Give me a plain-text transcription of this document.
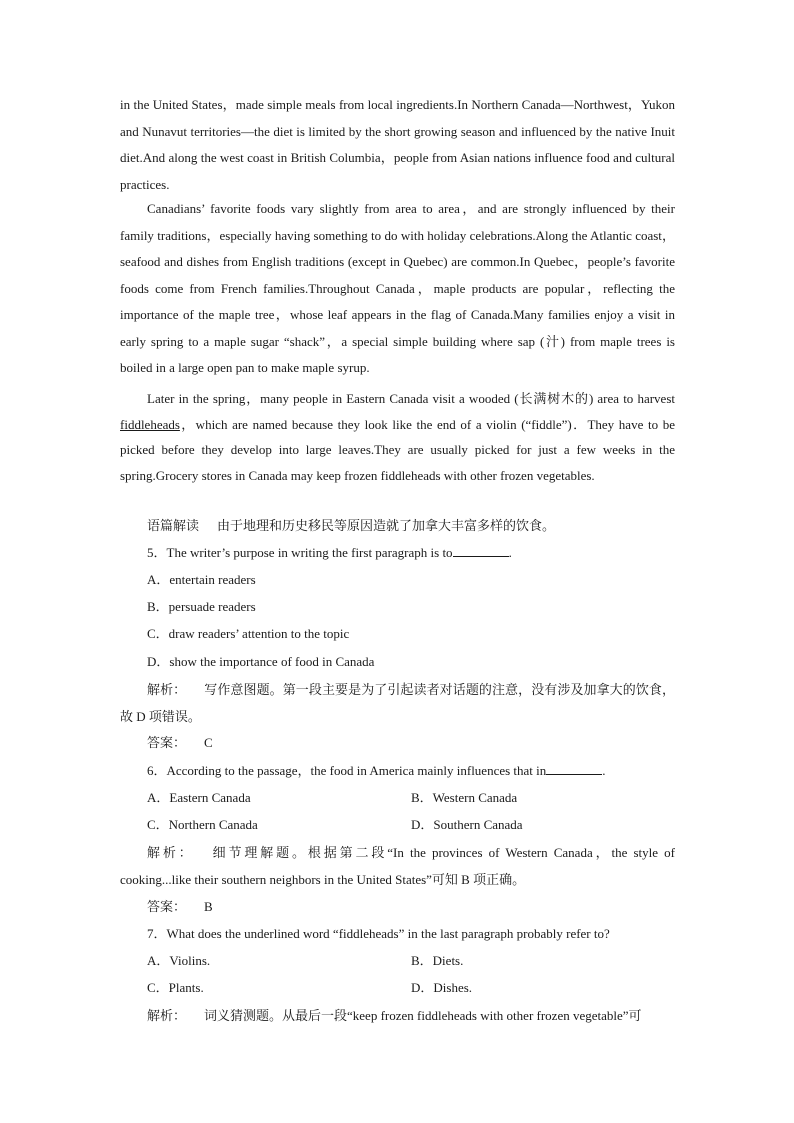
in the United States，made simple meals from local ingredients.In Northern Canada—Northwest，Yukon and Nunavut territories—the diet is limited by the short growing season and influenced by the native Inuit diet.And along the west coast in British Columbia，people from Asian nations influence food and cultural practices.

Canadians’ favorite foods vary slightly from area to area，and are strongly influenced by their family traditions，especially having something to do with holiday celebrations.Along the Atlantic coast，seafood and dishes from English traditions (except in Quebec) are common.In Quebec，people’s favorite foods come from French families.Throughout Canada，maple products are popular，reflecting the importance of the maple tree，whose leaf appears in the flag of Canada.Many families enjoy a visit in early spring to a maple sugar “shack”，a special simple building where sap (汁) from maple trees is boiled in a large open pan to make maple syrup.

Later in the spring，many people in Eastern Canada visit a wooded (长满树木的) area to harvest fiddleheads，which are named because they look like the end of a violin (“fiddle”)．They have to be picked before they develop into large leaves.They are usually picked for just a few weeks in the spring.Grocery stores in Canada may keep frozen fiddleheads with other frozen vegetables.

语篇解读 由于地理和历史移民等原因造就了加拿大丰富多样的饮食。

5．The writer’s purpose in writing the first paragraph is to	.

A．entertain readers

B．persuade readers

C．draw readers’ attention to the topic

D．show the importance of food in Canada

解析： 写作意图题。第一段主要是为了引起读者对话题的注意，没有涉及加拿大的饮食，故 D 项错误。

答案： C

6．According to the passage，the food in America mainly influences that in	.

A．Eastern Canada	B．Western Canada

C．Northern Canada	D．Southern Canada

解析： 细节理解题。根据第二段“In the provinces of Western Canada，the style of cooking...like their southern neighbors in the United States”可知 B 项正确。

答案： B

7．What does the underlined word “fiddleheads” in the last paragraph probably refer to?

A．Violins.	B．Diets.

C．Plants.	D．Dishes.

解析： 词义猜测题。从最后一段“keep frozen fiddleheads with other frozen vegetable”可
